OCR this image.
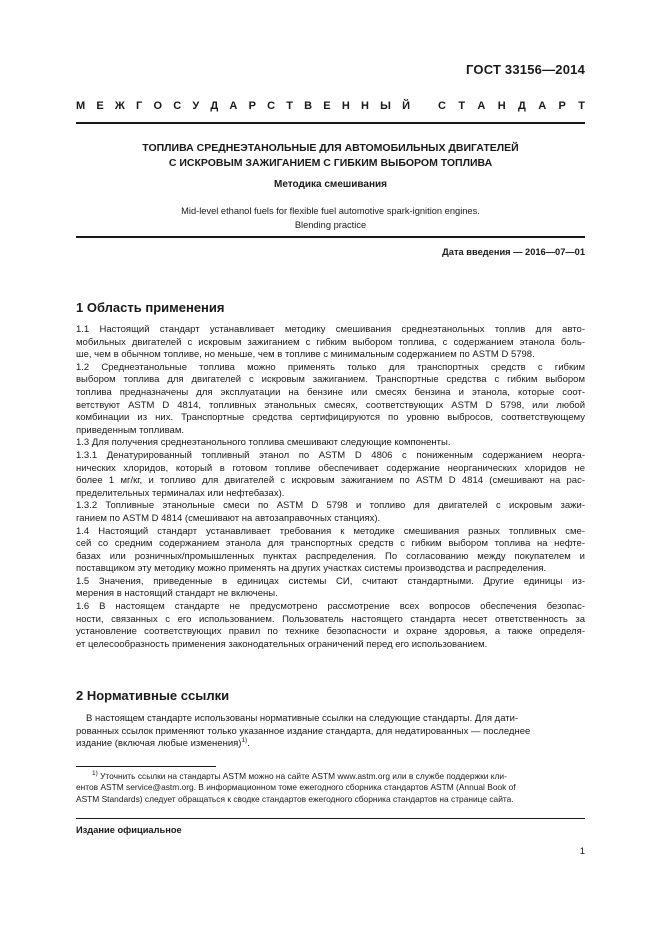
ГОСТ 33156—2014
М Е Ж Г О С У Д А Р С Т В Е Н Н Ы Й	С Т А Н Д А Р Т
ТОПЛИВА СРЕДНЕЭТАНОЛЬНЫЕ ДЛЯ АВТОМОБИЛЬНЫХ ДВИГАТЕЛЕЙ
С ИСКРОВЫМ ЗАЖИГАНИЕМ С ГИБКИМ ВЫБОРОМ ТОПЛИВА
Методика смешивания
Mid-level ethanol fuels for flexible fuel automotive spark-ignition engines.
Blending practice
Дата введения — 2016—07—01
1 Область применения
1.1 Настоящий стандарт устанавливает методику смешивания среднеэтанольных топлив для авто-
мобильных двигателей с искровым зажиганием с гибким выбором топлива, с содержанием этанола боль-
ше, чем в обычном топливе, но меньше, чем в топливе с минимальным содержанием по ASTM D 5798.
1.2 Среднеэтанольные топлива можно применять только для транспортных средств с гибким
выбором топлива для двигателей с искровым зажиганием. Транспортные средства с гибким выбором
топлива предназначены для эксплуатации на бензине или смесях бензина и этанола, которые соот-
ветствуют ASTM D 4814, топливных этанольных смесях, соответствующих ASTM D 5798, или любой
комбинации из них. Транспортные средства сертифицируются по уровню выбросов, соответствующему
приведенным топливам.
1.3 Для получения среднеэтанольного топлива смешивают следующие компоненты.
1.3.1 Денатурированный топливный этанол по ASTM D 4806 с пониженным содержанием неорга-
нических хлоридов, который в готовом топливе обеспечивает содержание неорганических хлоридов не
более 1 мг/кг, и топливо для двигателей с искровым зажиганием по ASTM D 4814 (смешивают на рас-
пределительных терминалах или нефтебазах).
1.3.2 Топливные этанольные смеси по ASTM D 5798 и топливо для двигателей с искровым зажи-
ганием по ASTM D 4814 (смешивают на автозаправочных станциях).
1.4 Настоящий стандарт устанавливает требования к методике смешивания разных топливных сме-
сей со средним содержанием этанола для транспортных средств с гибким выбором топлива на нефте-
базах или розничных/промышленных пунктах распределения. По согласованию между покупателем и
поставщиком эту методику можно применять на других участках системы производства и распределения.
1.5 Значения, приведенные в единицах системы СИ, считают стандартными. Другие единицы из-
мерения в настоящий стандарт не включены.
1.6 В настоящем стандарте не предусмотрено рассмотрение всех вопросов обеспечения безопас-
ности, связанных с его использованием. Пользователь настоящего стандарта несет ответственность за
установление соответствующих правил по технике безопасности и охране здоровья, а также определя-
ет целесообразность применения законодательных ограничений перед его использованием.
2 Нормативные ссылки
В настоящем стандарте использованы нормативные ссылки на следующие стандарты. Для дати-
рованных ссылок применяют только указанное издание стандарта, для недатированных — последнее
издание (включая любые изменения)$^{1)}$.
$^{1)}$ Уточнить ссылки на стандарты ASTM можно на сайте ASTM www.astm.org или в службе поддержки кли-
ентов ASTM service@astm.org. В информационном томе ежегодного сборника стандартов ASTM (Annual Book of
ASTM Standards) следует обращаться к сводке стандартов ежегодного сборника стандартов на странице сайта.
Издание официальное
1
